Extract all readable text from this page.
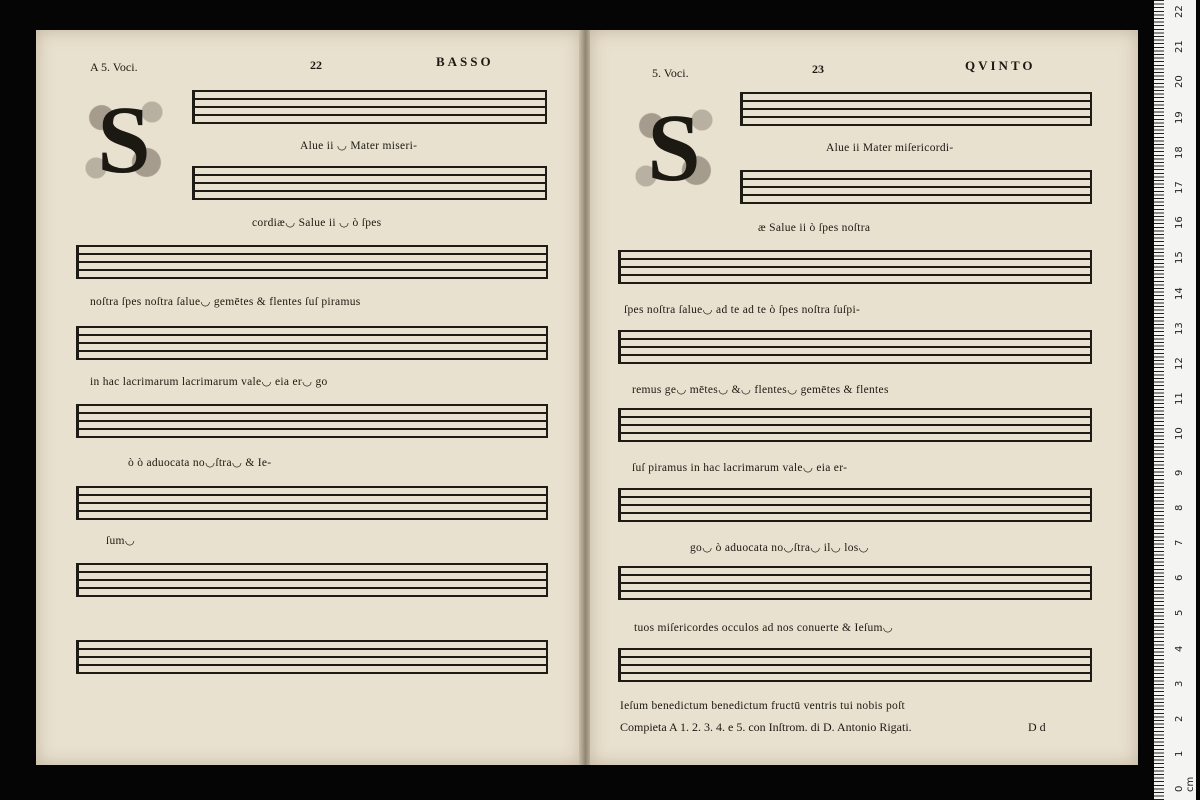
A 5. Voci.	22	BASSO
S	Alue ii ◡ Mater miseri-
cordiæ◡ Salue ii ◡ ò ſpes
noſtra ſpes noſtra ſalue◡ gemētes & flentes ſuſ piramus
in hac lacrimarum lacrimarum vale◡ eia er◡ go
ò ò aduocata no◡ſtra◡ & Ie-
ſum◡
5. Voci.	23	QVINTO
S	Alue ii Mater miſericordi-
æ Salue ii ò ſpes noſtra
ſpes noſtra ſalue◡ ad te ad te ò ſpes noſtra ſuſpi-
remus ge◡ mētes◡ &◡ flentes◡ gemētes & flentes
ſuſ piramus in hac lacrimarum vale◡ eia er-
go◡ ò aduocata no◡ſtra◡ il◡ los◡
tuos miſericordes occulos ad nos conuerte & Ieſum◡
Ieſum benedictum benedictum fructū ventris tui nobis poſt
Compieta A 1. 2. 3. 4. e 5. con Inſtrom. di D. Antonio Rigati.	D d
22
21
20
19
18
17
16
15
14
13
12
11
10
9
8
7
6
5
4
3
2
1
0 cm
